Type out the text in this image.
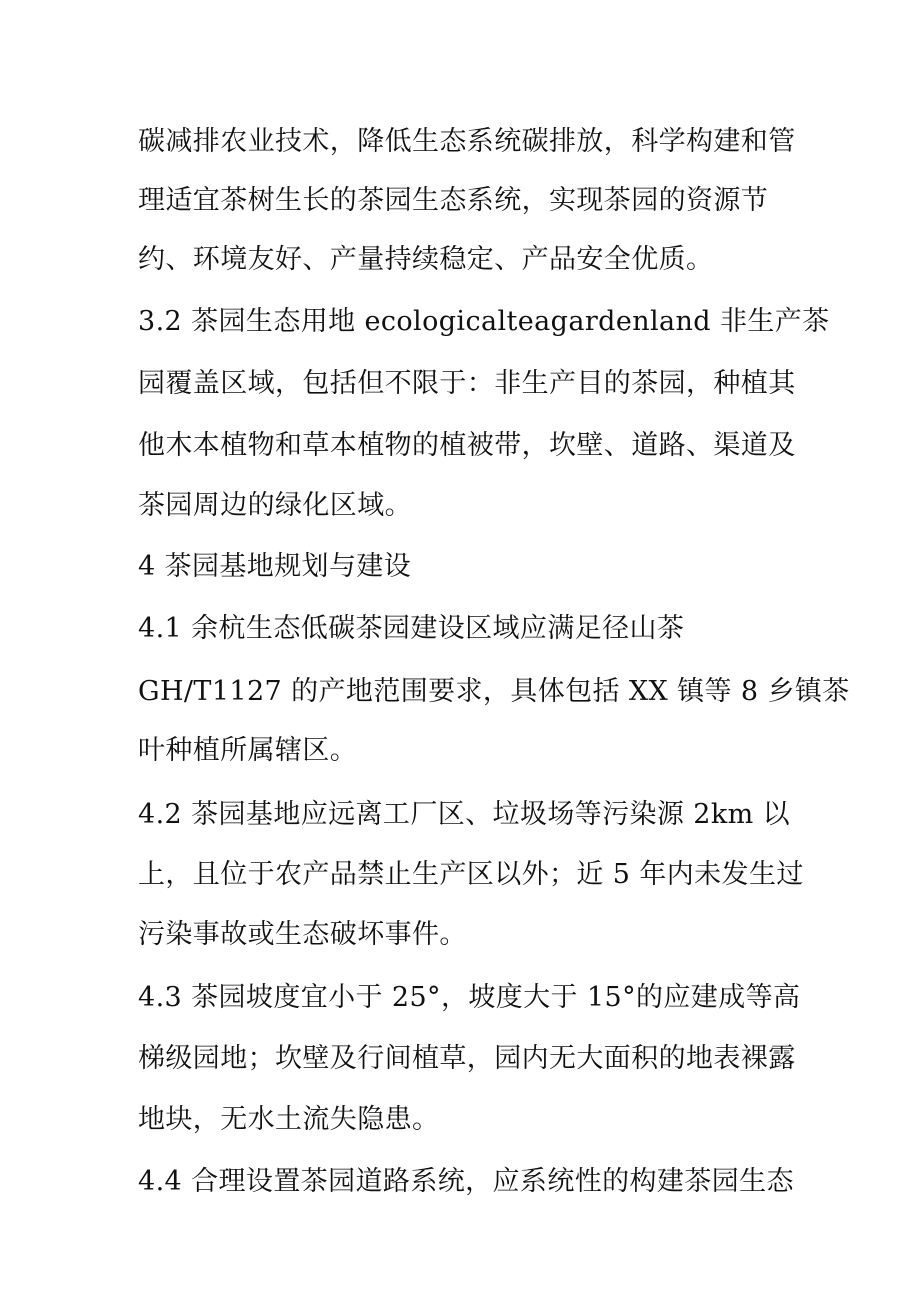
碳减排农业技术，降低生态系统碳排放，科学构建和管
理适宜茶树生长的茶园生态系统，实现茶园的资源节
约、环境友好、产量持续稳定、产品安全优质。
3.2 茶园生态用地 ecologicalteagardenland 非生产茶
园覆盖区域，包括但不限于：非生产目的茶园，种植其
他木本植物和草本植物的植被带，坎壁、道路、渠道及
茶园周边的绿化区域。
4 茶园基地规划与建设
4.1 余杭生态低碳茶园建设区域应满足径山茶
GH/T1127 的产地范围要求，具体包括 XX 镇等 8 乡镇茶
叶种植所属辖区。
4.2 茶园基地应远离工厂区、垃圾场等污染源 2km 以
上，且位于农产品禁止生产区以外；近 5 年内未发生过
污染事故或生态破坏事件。
4.3 茶园坡度宜小于 25°，坡度大于 15°的应建成等高
梯级园地；坎壁及行间植草，园内无大面积的地表裸露
地块，无水土流失隐患。
4.4 合理设置茶园道路系统，应系统性的构建茶园生态
